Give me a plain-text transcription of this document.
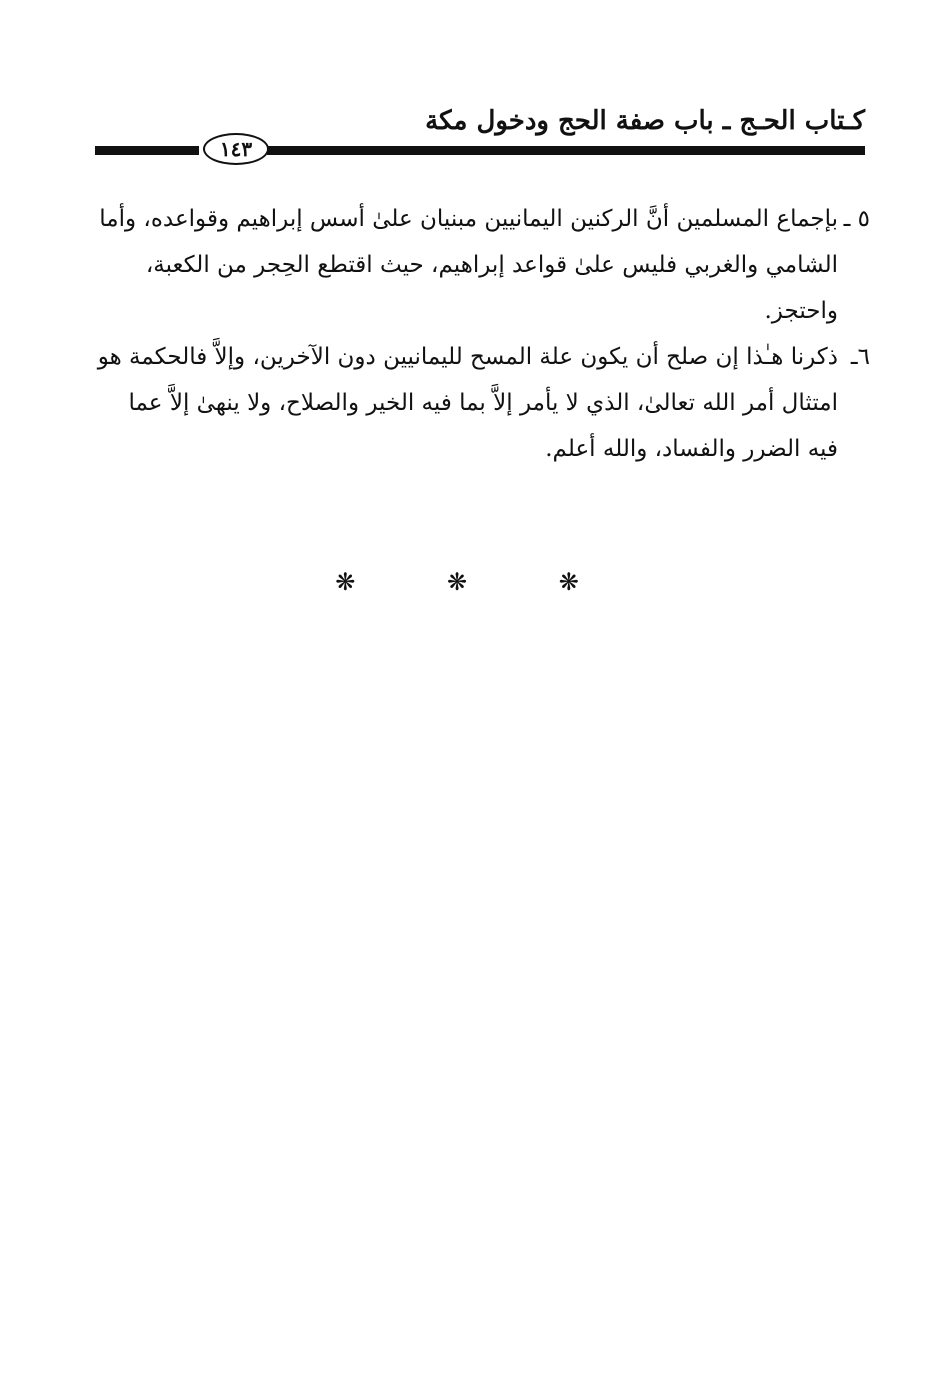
كـتاب الحـج ـ باب صفة الحج ودخول مكة
١٤٣

٥ ـ
بإجماع المسلمين أنَّ الركنين اليمانيين مبنيان علىٰ أسس إبراهيم وقواعده، وأما الشامي والغربي فليس علىٰ قواعد إبراهيم، حيث اقتطع الحِجر من الكعبة، واحتجز.

٦ـ
ذكرنا هـٰذا إن صلح أن يكون علة المسح لليمانيين دون الآخرين، وإلاَّ فالحكمة هو امتثال أمر الله تعالىٰ، الذي لا يأمر إلاَّ بما فيه الخير والصلاح، ولا ينهىٰ إلاَّ عما فيه الضرر والفساد، والله أعلم.

❋	❋	❋
